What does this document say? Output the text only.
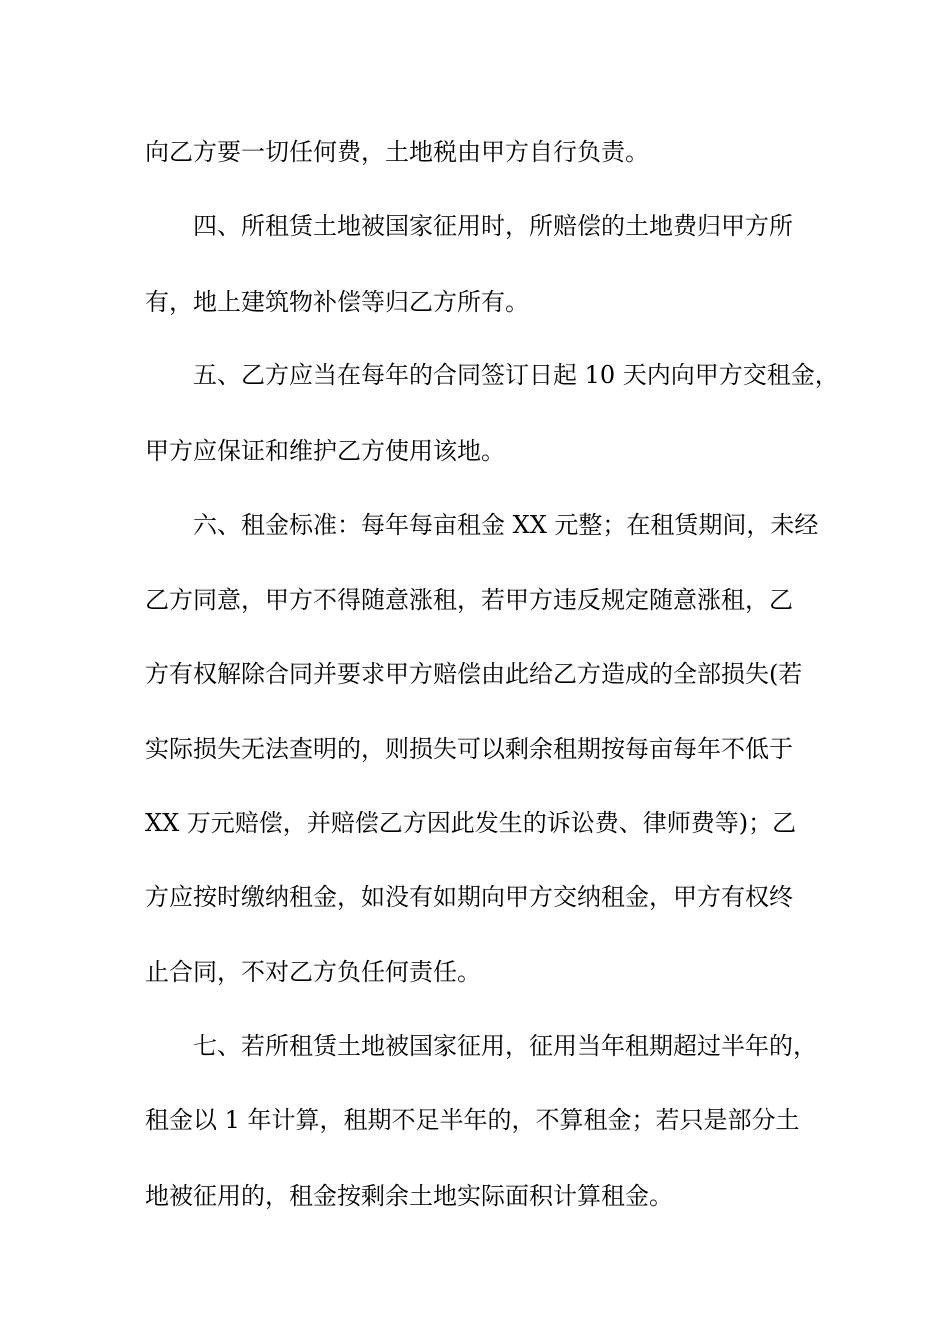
向乙方要一切任何费，土地税由甲方自行负责。
　　四、所租赁土地被国家征用时，所赔偿的土地费归甲方所
有，地上建筑物补偿等归乙方所有。
　　五、乙方应当在每年的合同签订日起 10 天内向甲方交租金，
甲方应保证和维护乙方使用该地。
　　六、租金标准：每年每亩租金 XX 元整；在租赁期间，未经
乙方同意，甲方不得随意涨租，若甲方违反规定随意涨租，乙
方有权解除合同并要求甲方赔偿由此给乙方造成的全部损失(若
实际损失无法查明的，则损失可以剩余租期按每亩每年不低于
XX 万元赔偿，并赔偿乙方因此发生的诉讼费、律师费等)；乙
方应按时缴纳租金，如没有如期向甲方交纳租金，甲方有权终
止合同，不对乙方负任何责任。
　　七、若所租赁土地被国家征用，征用当年租期超过半年的，
租金以 1 年计算，租期不足半年的，不算租金；若只是部分土
地被征用的，租金按剩余土地实际面积计算租金。
